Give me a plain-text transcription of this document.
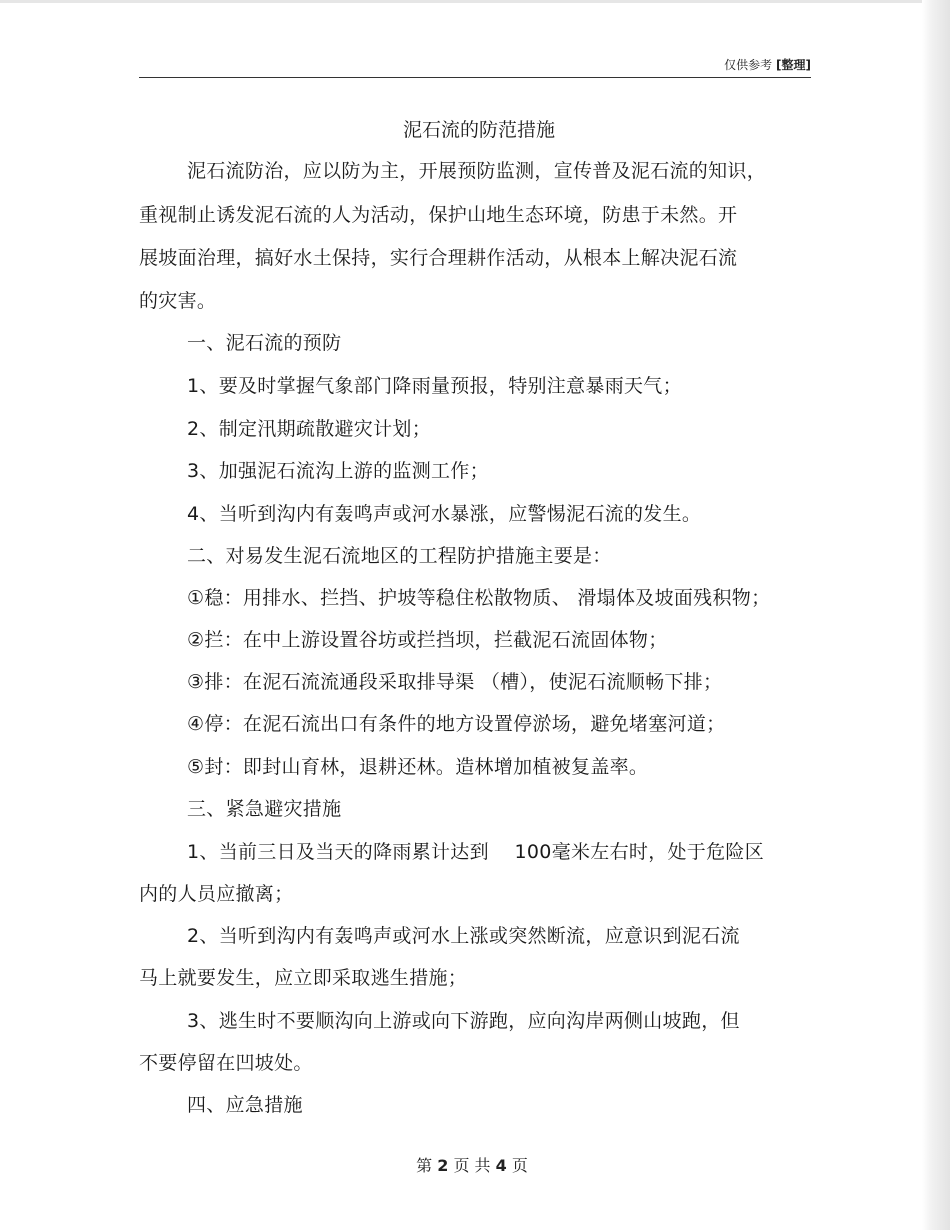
仅供参考 [整理]
泥石流的防范措施
泥石流防治，应以防为主，开展预防监测，宣传普及泥石流的知识，
重视制止诱发泥石流的人为活动，保护山地生态环境，防患于未然。开
展坡面治理，搞好水土保持，实行合理耕作活动，从根本上解决泥石流
的灾害。
一、泥石流的预防
1、要及时掌握气象部门降雨量预报，特别注意暴雨天气；
2、制定汛期疏散避灾计划；
3、加强泥石流沟上游的监测工作；
4、当听到沟内有轰鸣声或河水暴涨，应警惕泥石流的发生。
二、对易发生泥石流地区的工程防护措施主要是：
①稳：用排水、拦挡、护坡等稳住松散物质、 滑塌体及坡面残积物；
②拦：在中上游设置谷坊或拦挡坝，拦截泥石流固体物；
③排：在泥石流流通段采取排导渠 （槽），使泥石流顺畅下排；
④停：在泥石流出口有条件的地方设置停淤场，避免堵塞河道；
⑤封：即封山育林，退耕还林。造林增加植被复盖率。
三、紧急避灾措施
1、当前三日及当天的降雨累计达到　 100毫米左右时，处于危险区
内的人员应撤离；
2、当听到沟内有轰鸣声或河水上涨或突然断流，应意识到泥石流
马上就要发生，应立即采取逃生措施；
3、逃生时不要顺沟向上游或向下游跑，应向沟岸两侧山坡跑，但
不要停留在凹坡处。
四、应急措施
第 2 页 共 4 页
